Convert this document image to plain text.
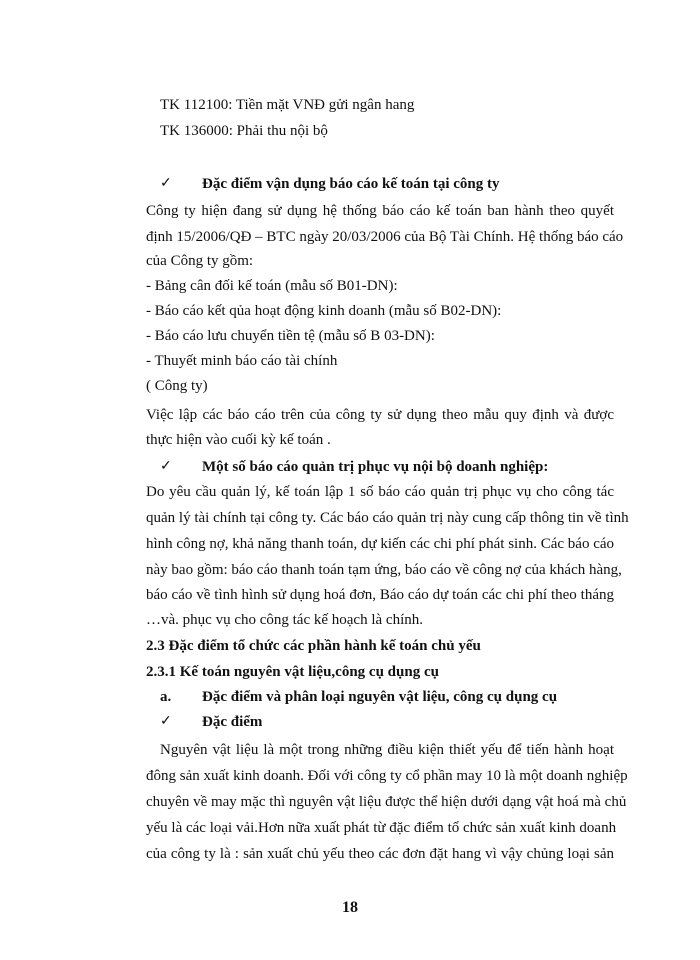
TK 112100: Tiền mặt VNĐ gửi ngân hang
TK 136000: Phải thu nội bộ
✓ Đặc điểm vận dụng báo cáo kế toán tại công ty
Công ty hiện đang sử dụng hệ thống báo cáo kế toán ban hành theo quyết
định 15/2006/QĐ – BTC ngày 20/03/2006 của Bộ Tài Chính. Hệ thống báo cáo
của Công ty gồm:
- Bảng cân đối kế toán (mẫu số B01-DN):
- Báo cáo kết qủa hoạt động kinh doanh (mẫu số B02-DN):
- Báo cáo lưu chuyển tiền tệ (mẫu số B 03-DN):
- Thuyết minh báo cáo tài chính
( Công ty)
Việc lập các báo cáo trên của công ty sử dụng theo mẫu quy định và được
thực hiện vào cuối kỳ kế toán .
✓ Một số báo cáo quản trị phục vụ nội bộ doanh nghiệp:
Do yêu cầu quản lý, kế toán lập 1 số báo cáo quản trị phục vụ cho công tác
quản lý tài chính tại công ty. Các báo cáo quản trị này cung cấp thông tin về tình
hình công nợ, khả năng thanh toán, dự kiến các chi phí phát sinh. Các báo cáo
này bao gồm: báo cáo thanh toán tạm ứng, báo cáo về công nợ của khách hàng,
báo cáo về tình hình sử dụng hoá đơn, Báo cáo dự toán các chi phí theo tháng
…và. phục vụ cho công tác kế hoạch là chính.
2.3 Đặc điểm tổ chức các phần hành kế toán chủ yếu
2.3.1 Kế toán nguyên vật liệu,công cụ dụng cụ
a. Đặc điểm và phân loại nguyên vật liệu, công cụ dụng cụ
✓ Đặc điểm
Nguyên vật liệu là một trong những điều kiện thiết yếu để tiến hành hoạt
đông sản xuất kinh doanh. Đối với công ty cổ phần may 10 là một doanh nghiệp
chuyên về may mặc thì nguyên vật liệu được thể hiện dưới dạng vật hoá mà chủ
yếu là các loại vải.Hơn nữa xuất phát từ đặc điểm tổ chức sản xuất kinh doanh
của công ty là : sản xuất chủ yếu theo các đơn đặt hang vì vậy chủng loại sản
18
